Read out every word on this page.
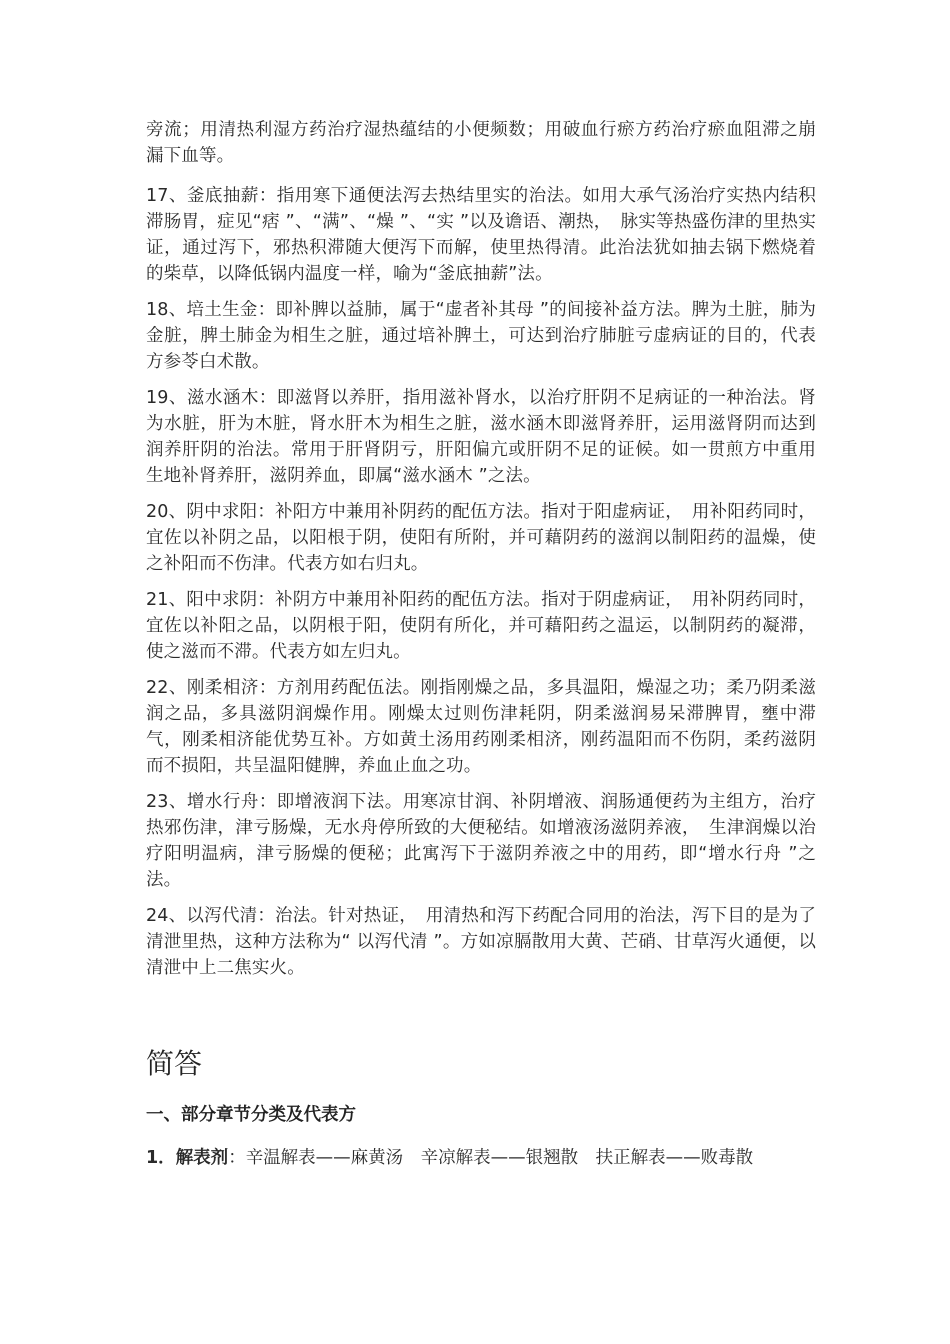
旁流；用清热利湿方药治疗湿热蕴结的小便频数；用破血行瘀方药治疗瘀血阻滞之崩漏下血等。

17、釜底抽薪：指用寒下通便法泻去热结里实的治法。如用大承气汤治疗实热内结积滞肠胃，症见“痞 ”、“满”、“燥 ”、“实 ”以及谵语、潮热，　脉实等热盛伤津的里热实证，通过泻下，邪热积滞随大便泻下而解，使里热得清。此治法犹如抽去锅下燃烧着的柴草，以降低锅内温度一样，喻为“釜底抽薪”法。

18、培土生金：即补脾以益肺，属于“虚者补其母 ”的间接补益方法。脾为土脏，肺为金脏，脾土肺金为相生之脏，通过培补脾土，可达到治疗肺脏亏虚病证的目的，代表方参苓白术散。

19、滋水涵木：即滋肾以养肝，指用滋补肾水，以治疗肝阴不足病证的一种治法。肾为水脏，肝为木脏，肾水肝木为相生之脏，滋水涵木即滋肾养肝，运用滋肾阴而达到润养肝阴的治法。常用于肝肾阴亏，肝阳偏亢或肝阴不足的证候。如一贯煎方中重用生地补肾养肝，滋阴养血，即属“滋水涵木 ”之法。

20、阴中求阳：补阳方中兼用补阴药的配伍方法。指对于阳虚病证，　用补阳药同时，宜佐以补阴之品，以阳根于阴，使阳有所附，并可藉阴药的滋润以制阳药的温燥，使之补阳而不伤津。代表方如右归丸。

21、阳中求阴：补阴方中兼用补阳药的配伍方法。指对于阴虚病证，　用补阴药同时，宜佐以补阳之品，以阴根于阳，使阴有所化，并可藉阳药之温运，以制阴药的凝滞，使之滋而不滞。代表方如左归丸。

22、刚柔相济：方剂用药配伍法。刚指刚燥之品，多具温阳，燥湿之功；柔乃阴柔滋润之品，多具滋阴润燥作用。刚燥太过则伤津耗阴，阴柔滋润易呆滞脾胃，壅中滞气，刚柔相济能优势互补。方如黄土汤用药刚柔相济，刚药温阳而不伤阴，柔药滋阴而不损阳，共呈温阳健脾，养血止血之功。

23、增水行舟：即增液润下法。用寒凉甘润、补阴增液、润肠通便药为主组方，治疗热邪伤津，津亏肠燥，无水舟停所致的大便秘结。如增液汤滋阴养液，　生津润燥以治疗阳明温病，津亏肠燥的便秘；此寓泻下于滋阴养液之中的用药，即“增水行舟 ”之法。

24、以泻代清：治法。针对热证，　用清热和泻下药配合同用的治法，泻下目的是为了清泄里热，这种方法称为“ 以泻代清 ”。方如凉膈散用大黄、芒硝、甘草泻火通便，以清泄中上二焦实火。

简答
一、部分章节分类及代表方
1．解表剂：辛温解表——麻黄汤　辛凉解表——银翘散　扶正解表——败毒散
